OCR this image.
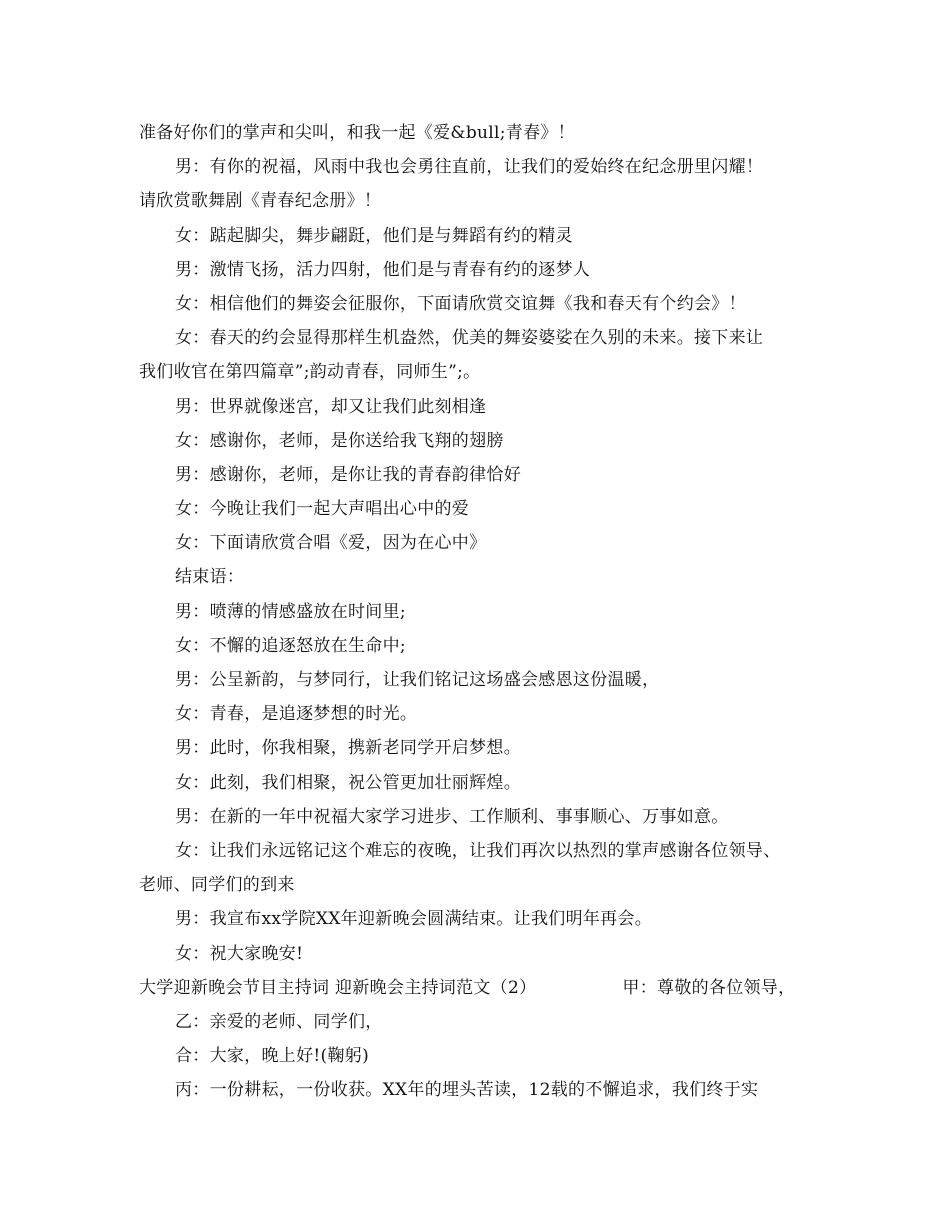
准备好你们的掌声和尖叫，和我一起《爱&bull;青春》！
男：有你的祝福，风雨中我也会勇往直前，让我们的爱始终在纪念册里闪耀！
请欣赏歌舞剧《青春纪念册》！
女：踮起脚尖，舞步翩跹，他们是与舞蹈有约的精灵
男：激情飞扬，活力四射，他们是与青春有约的逐梦人
女：相信他们的舞姿会征服你，下面请欣赏交谊舞《我和春天有个约会》！
女：春天的约会显得那样生机盎然，优美的舞姿婆娑在久别的未来。接下来让
我们收官在第四篇章”;韵动青春，同师生”;。
男：世界就像迷宫，却又让我们此刻相逢
女：感谢你，老师，是你送给我飞翔的翅膀
男：感谢你，老师，是你让我的青春韵律恰好
女：今晚让我们一起大声唱出心中的爱
女：下面请欣赏合唱《爱，因为在心中》
结束语：
男：喷薄的情感盛放在时间里;
女：不懈的追逐怒放在生命中;
男：公呈新韵，与梦同行，让我们铭记这场盛会感恩这份温暖，
女：青春，是追逐梦想的时光。
男：此时，你我相聚，携新老同学开启梦想。
女：此刻，我们相聚，祝公管更加壮丽辉煌。
男：在新的一年中祝福大家学习进步、工作顺利、事事顺心、万事如意。
女：让我们永远铭记这个难忘的夜晚，让我们再次以热烈的掌声感谢各位领导、
老师、同学们的到来
男：我宣布xx学院XX年迎新晚会圆满结束。让我们明年再会。
女：祝大家晚安!
大学迎新晚会节目主持词 迎新晚会主持词范文（2）	甲：尊敬的各位领导，
乙：亲爱的老师、同学们，
合：大家，晚上好!(鞠躬)
丙：一份耕耘，一份收获。XX年的埋头苦读，12载的不懈追求，我们终于实
